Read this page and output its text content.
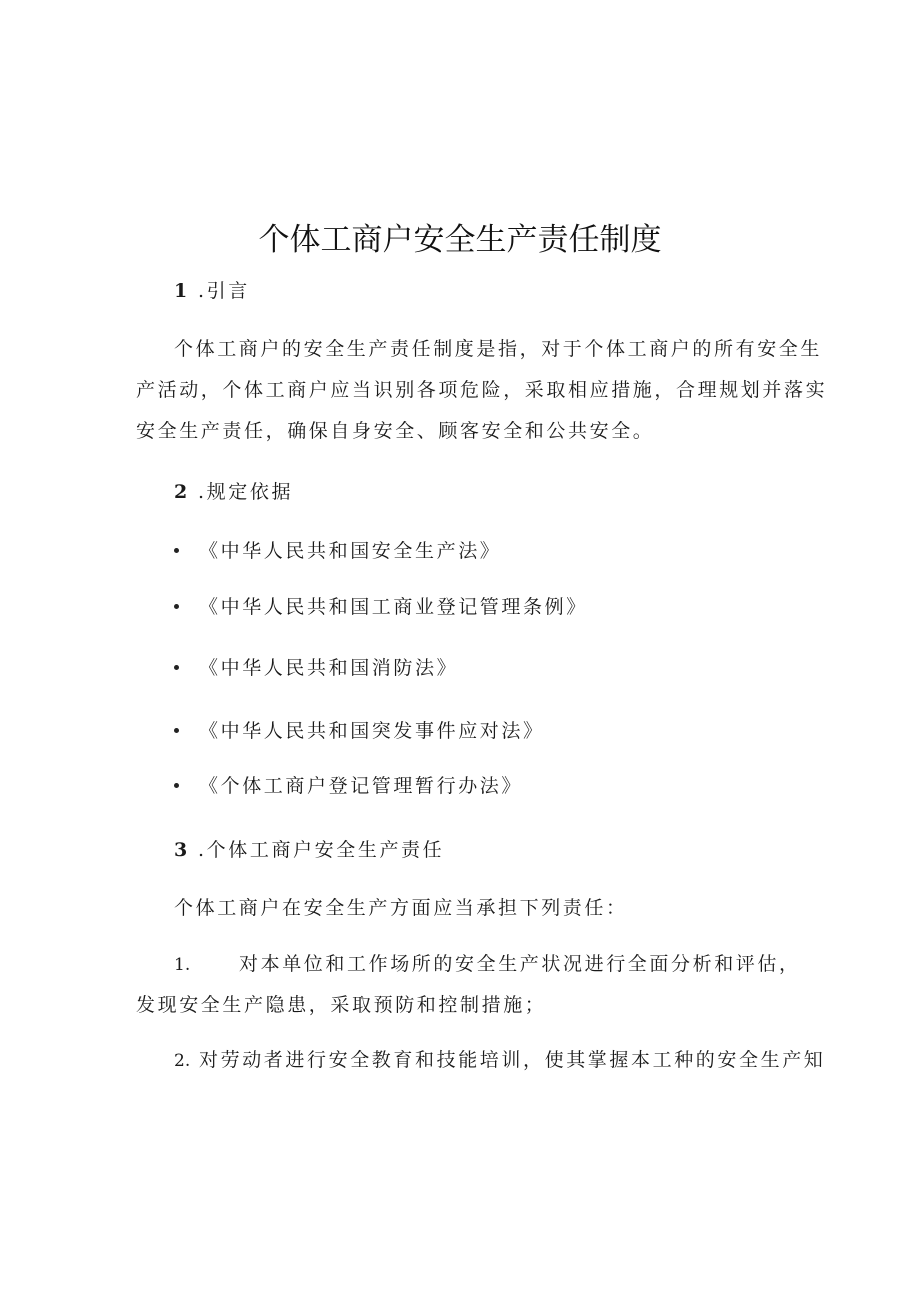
个体工商户安全生产责任制度
1 .引言
个体工商户的安全生产责任制度是指，对于个体工商户的所有安全生
产活动，个体工商户应当识别各项危险，采取相应措施，合理规划并落实
安全生产责任，确保自身安全、顾客安全和公共安全。
2 .规定依据
《中华人民共和国安全生产法》
《中华人民共和国工商业登记管理条例》
《中华人民共和国消防法》
《中华人民共和国突发事件应对法》
《个体工商户登记管理暂行办法》
3 .个体工商户安全生产责任
个体工商户在安全生产方面应当承担下列责任：
1.	对本单位和工作场所的安全生产状况进行全面分析和评估，
发现安全生产隐患，采取预防和控制措施；
2. 对劳动者进行安全教育和技能培训，使其掌握本工种的安全生产知
